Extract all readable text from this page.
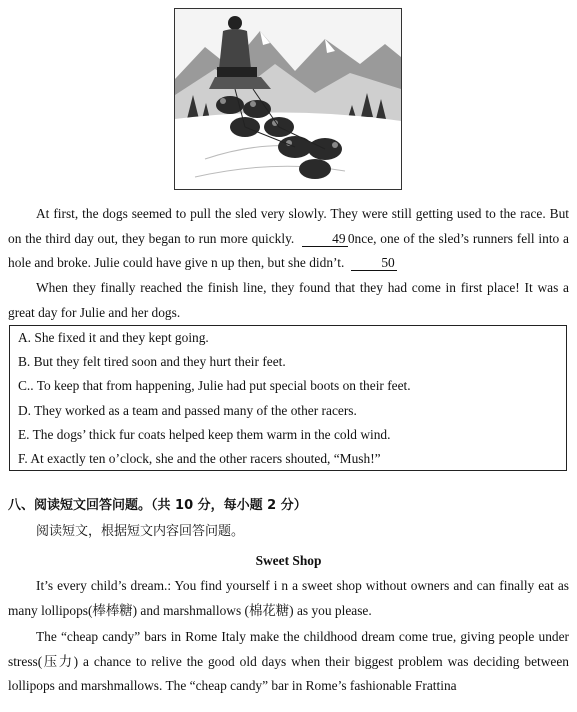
At first, the dogs seemed to pull the sled very slowly. They were still getting used to the race. But on the third day out, they began to run more quickly.	49 0nce, one of the sled’s runners fell into a hole and broke. Julie could have give n up then, but she didn’t.	50
When they finally reached the finish line, they found that they had come in first place! It was a great day for Julie and her dogs.
A. She fixed it and they kept going.
B. But they felt tired soon and they hurt their feet.
C.. To keep that from happening, Julie had put special boots on their feet.
D. They worked as a team and passed many of the other racers.
E. The dogs’ thick fur coats helped keep them warm in the cold wind.
F. At exactly ten o’clock, she and the other racers shouted, “Mush!”
八、阅读短文回答问题。（共 10 分，每小题 2 分）
阅读短文，根据短文内容回答问题。
Sweet Shop
It’s every child’s dream.: You find yourself i n a sweet shop without owners and can finally eat as many lollipops(棒棒糖) and marshmallows (棉花糖) as you please.
The “cheap candy” bars in Rome Italy make the childhood dream come true, giving people under stress(压力) a chance to relive the good old days when their biggest problem was deciding between lollipops and marshmallows. The “cheap candy” bar in Rome’s fashionable Frattina
